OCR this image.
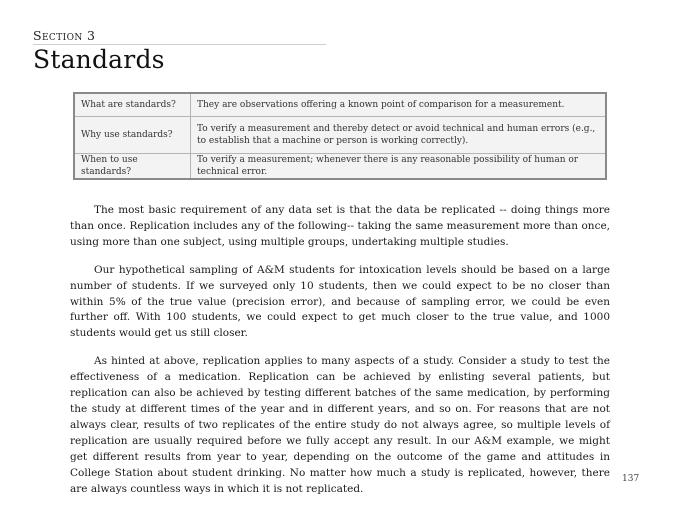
Section 3
Standards
What are standards?	They are observations offering a known point of comparison for a measurement.
Why use standards?	To verify a measurement and thereby detect or avoid technical and human errors (e.g., to establish that a machine or person is working correctly).
When to use standards?	To verify a measurement; whenever there is any reasonable possibility of human or technical error.

The most basic requirement of any data set is that the data be replicated -- doing things more than once. Replication includes any of the following-- taking the same measurement more than once, using more than one subject, using multiple groups, undertaking multiple studies.

Our hypothetical sampling of A&M students for intoxication levels should be based on a large number of students. If we surveyed only 10 students, then we could expect to be no closer than within 5% of the true value (precision error), and because of sampling error, we could be even further off. With 100 students, we could expect to get much closer to the true value, and 1000 students would get us still closer.

As hinted at above, replication applies to many aspects of a study. Consider a study to test the effectiveness of a medication. Replication can be achieved by enlisting several patients, but replication can also be achieved by testing different batches of the same medication, by performing the study at different times of the year and in different years, and so on. For reasons that are not always clear, results of two replicates of the entire study do not always agree, so multiple levels of replication are usually required before we fully accept any result. In our A&M example, we might get different results from year to year, depending on the outcome of the game and attitudes in College Station about student drinking. No matter how much a study is replicated, however, there are always countless ways in which it is not replicated.

137
